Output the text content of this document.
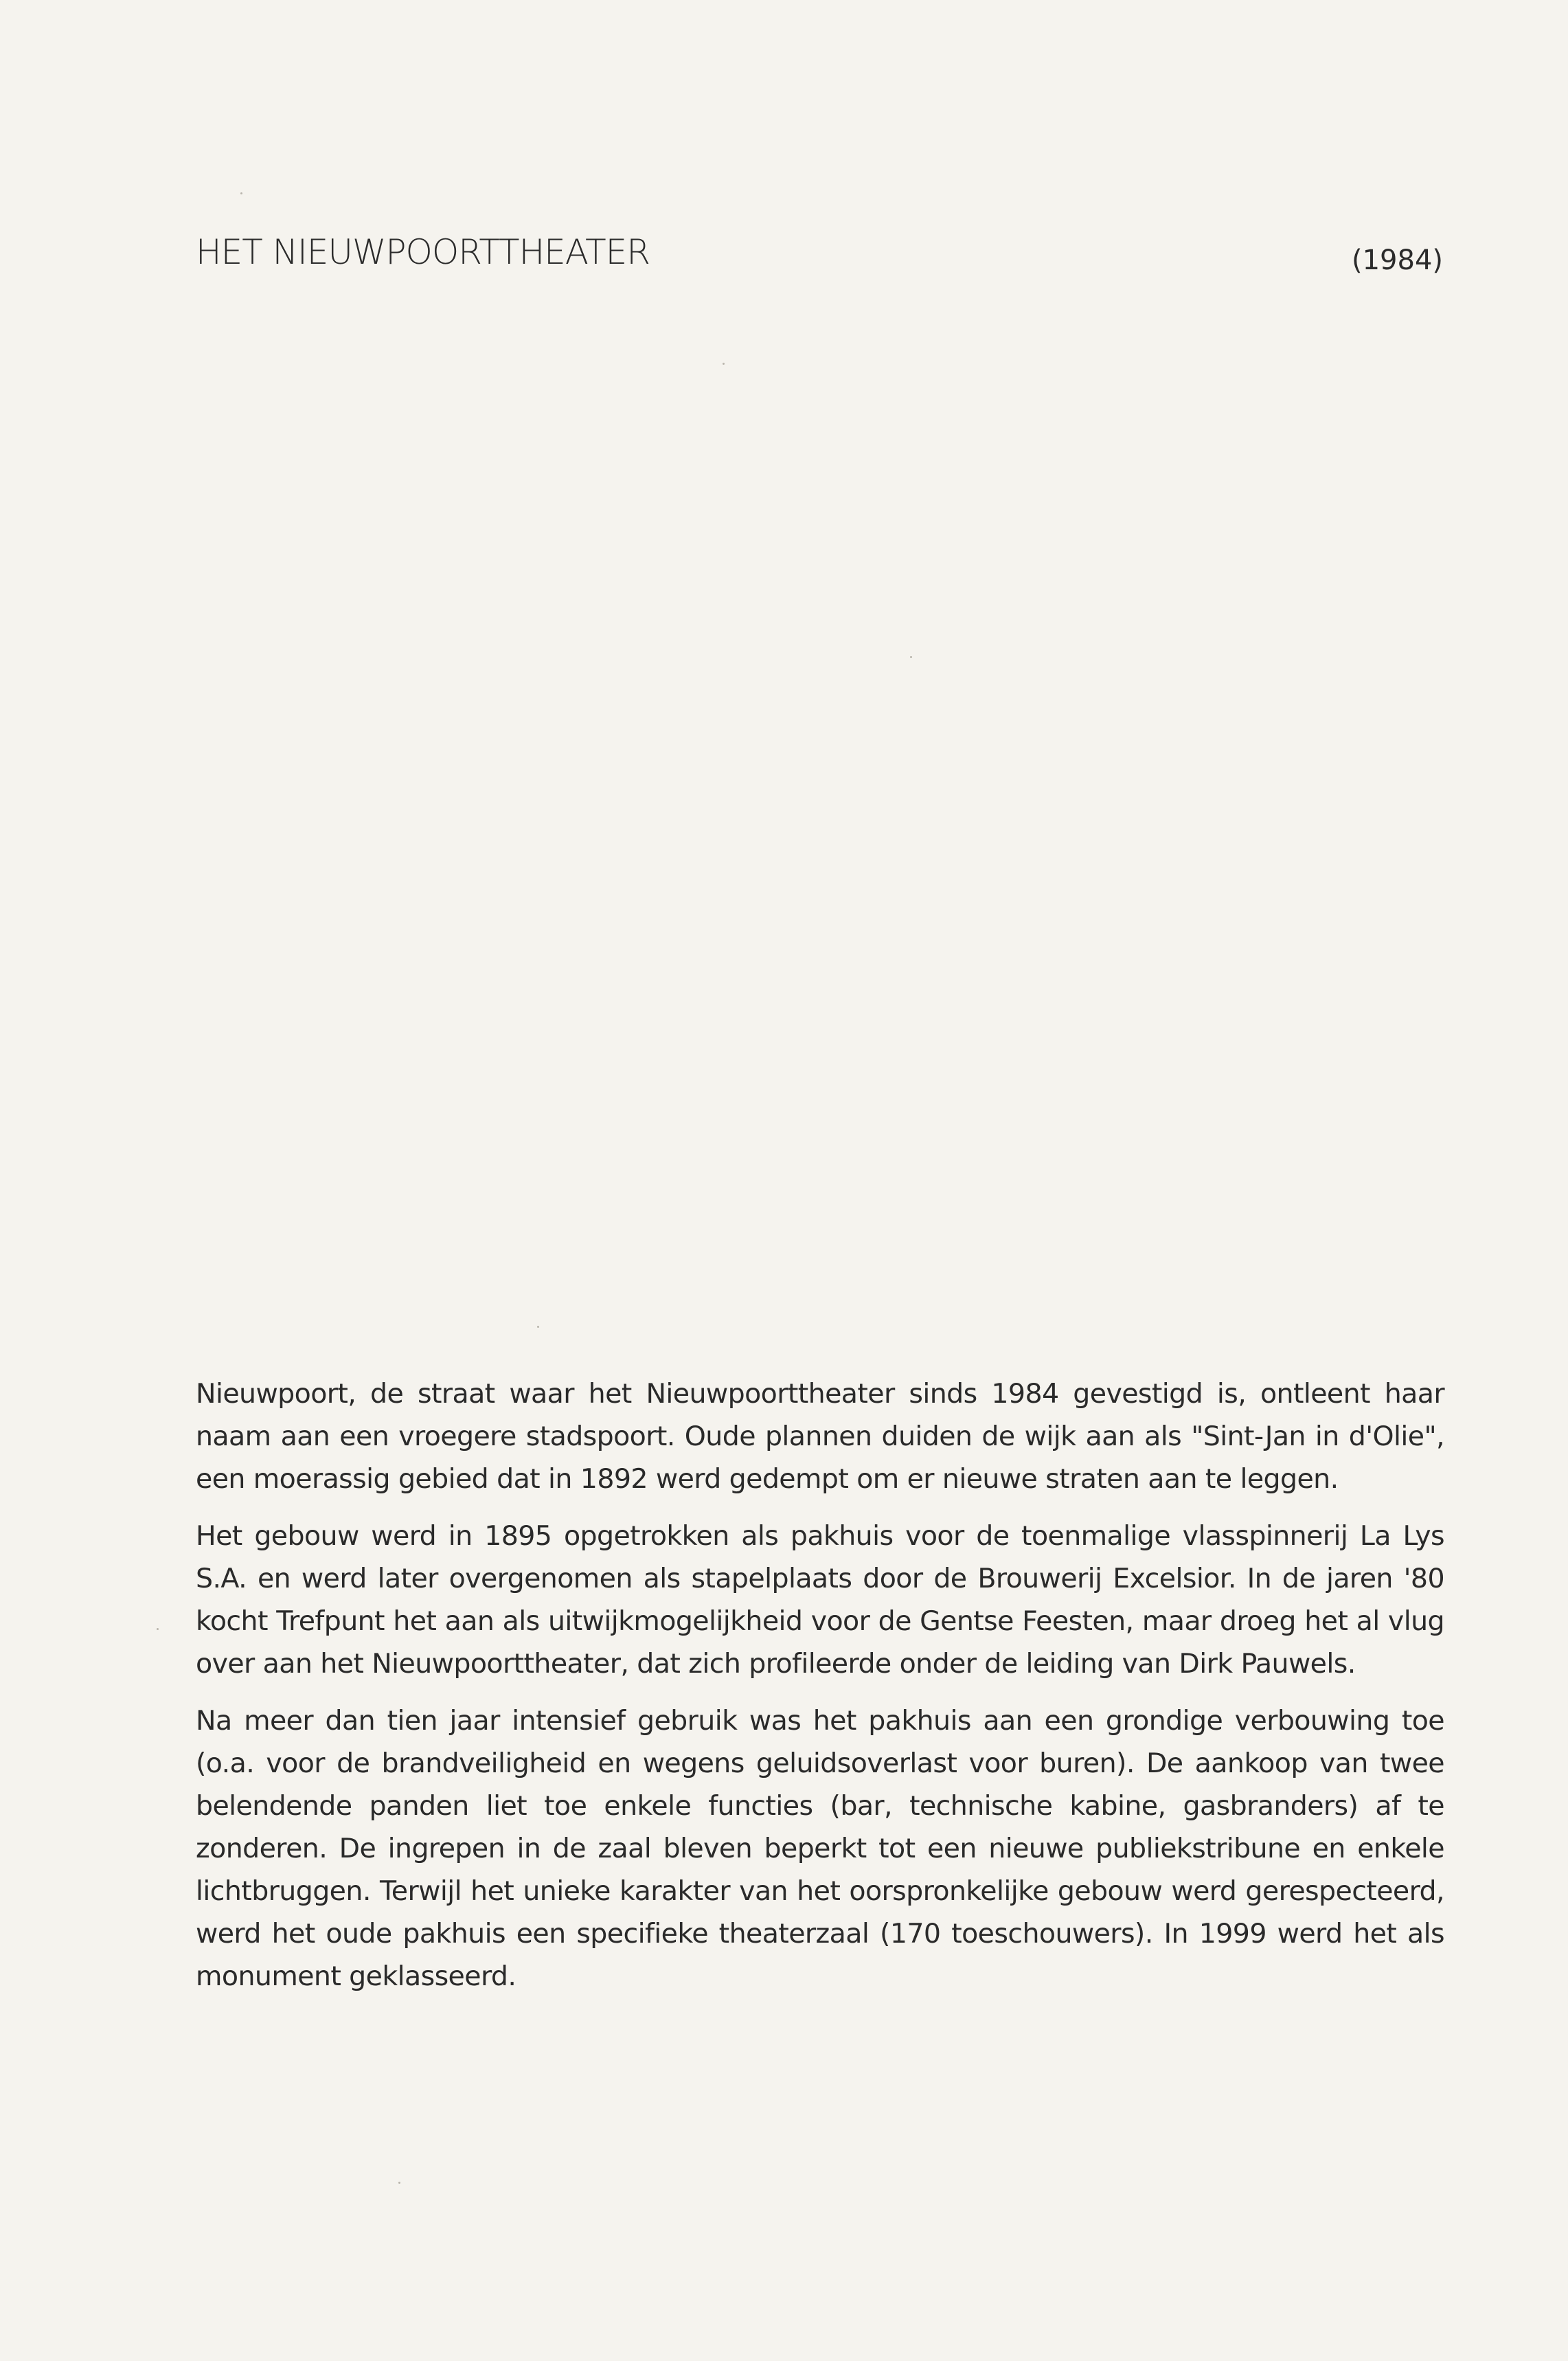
HET NIEUWPOORTTHEATER	(1984)

Nieuwpoort, de straat waar het Nieuwpoorttheater sinds 1984 gevestigd is, ontleent haar naam aan een vroegere stadspoort. Oude plannen duiden de wijk aan als "Sint-Jan in d'Olie", een moerassig gebied dat in 1892 werd gedempt om er nieuwe straten aan te leggen.

Het gebouw werd in 1895 opgetrokken als pakhuis voor de toenmalige vlasspinnerij La Lys S.A. en werd later overgenomen als stapelplaats door de Brouwerij Excelsior. In de jaren '80 kocht Trefpunt het aan als uitwijkmogelijkheid voor de Gentse Feesten, maar droeg het al vlug over aan het Nieuwpoorttheater, dat zich profileerde onder de leiding van Dirk Pauwels.

Na meer dan tien jaar intensief gebruik was het pakhuis aan een grondige verbouwing toe (o.a. voor de brandveiligheid en wegens geluidsoverlast voor buren). De aankoop van twee belendende panden liet toe enkele functies (bar, technische kabine, gasbranders) af te zonderen. De ingrepen in de zaal bleven beperkt tot een nieuwe publiekstribune en enkele lichtbruggen. Terwijl het unieke karakter van het oorspronkelijke gebouw werd gerespecteerd, werd het oude pakhuis een specifieke theaterzaal (170 toeschouwers). In 1999 werd het als monument geklasseerd.
